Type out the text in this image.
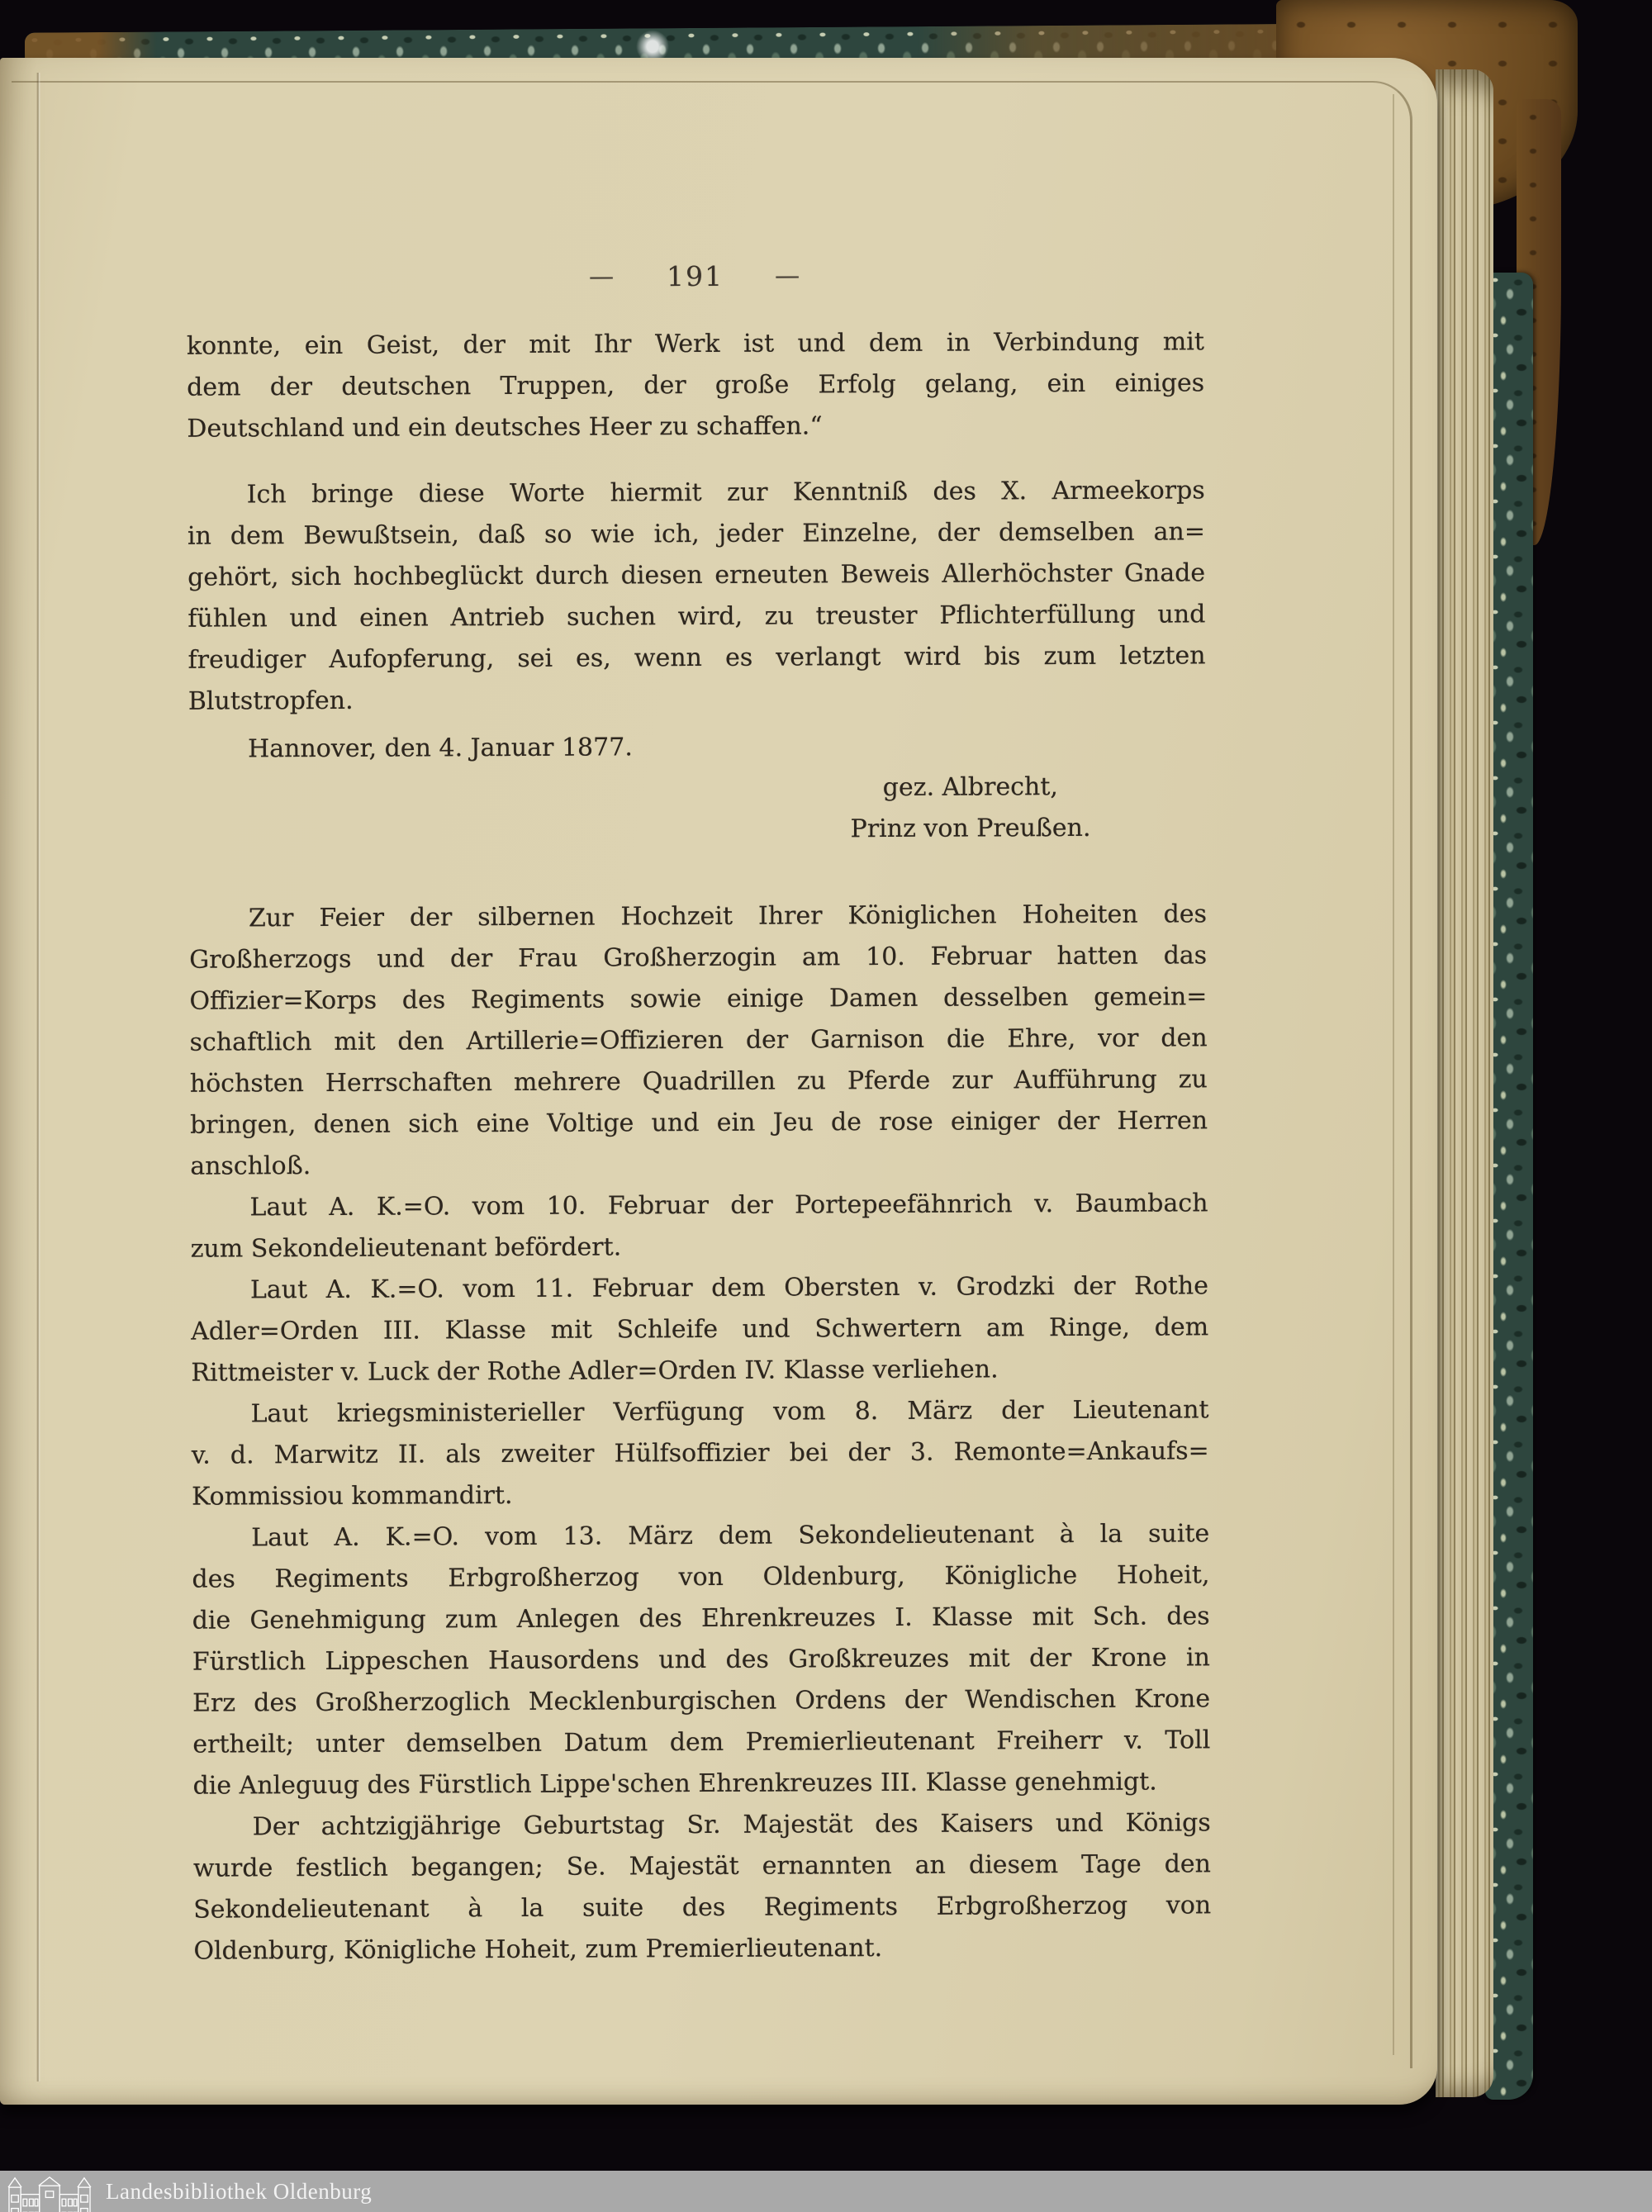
— 191 —
konnte, ein Geist, der mit Ihr Werk ist und dem in Verbindung mit
dem der deutschen Truppen, der große Erfolg gelang, ein einiges
Deutschland und ein deutsches Heer zu schaffen.“
Ich bringe diese Worte hiermit zur Kenntniß des X. Armeekorps
in dem Bewußtsein, daß so wie ich, jeder Einzelne, der demselben an=
gehört, sich hochbeglückt durch diesen erneuten Beweis Allerhöchster Gnade
fühlen und einen Antrieb suchen wird, zu treuster Pflichterfüllung und
freudiger Aufopferung, sei es, wenn es verlangt wird bis zum letzten
Blutstropfen.
Hannover, den 4. Januar 1877.
gez. Albrecht,
Prinz von Preußen.
Zur Feier der silbernen Hochzeit Ihrer Königlichen Hoheiten des
Großherzogs und der Frau Großherzogin am 10. Februar hatten das
Offizier=Korps des Regiments sowie einige Damen desselben gemein=
schaftlich mit den Artillerie=Offizieren der Garnison die Ehre, vor den
höchsten Herrschaften mehrere Quadrillen zu Pferde zur Aufführung zu
bringen, denen sich eine Voltige und ein Jeu de rose einiger der Herren
anschloß.
Laut A. K.=O. vom 10. Februar der Portepeefähnrich v. Baumbach
zum Sekondelieutenant befördert.
Laut A. K.=O. vom 11. Februar dem Obersten v. Grodzki der Rothe
Adler=Orden III. Klasse mit Schleife und Schwertern am Ringe, dem
Rittmeister v. Luck der Rothe Adler=Orden IV. Klasse verliehen.
Laut kriegsministerieller Verfügung vom 8. März der Lieutenant
v. d. Marwitz II. als zweiter Hülfsoffizier bei der 3. Remonte=Ankaufs=
Kommissiou kommandirt.
Laut A. K.=O. vom 13. März dem Sekondelieutenant à la suite
des Regiments Erbgroßherzog von Oldenburg, Königliche Hoheit,
die Genehmigung zum Anlegen des Ehrenkreuzes I. Klasse mit Sch. des
Fürstlich Lippeschen Hausordens und des Großkreuzes mit der Krone in
Erz des Großherzoglich Mecklenburgischen Ordens der Wendischen Krone
ertheilt; unter demselben Datum dem Premierlieutenant Freiherr v. Toll
die Anleguug des Fürstlich Lippe'schen Ehrenkreuzes III. Klasse genehmigt.
Der achtzigjährige Geburtstag Sr. Majestät des Kaisers und Königs
wurde festlich begangen; Se. Majestät ernannten an diesem Tage den
Sekondelieutenant à la suite des Regiments Erbgroßherzog von
Oldenburg, Königliche Hoheit, zum Premierlieutenant.
Landesbibliothek Oldenburg
